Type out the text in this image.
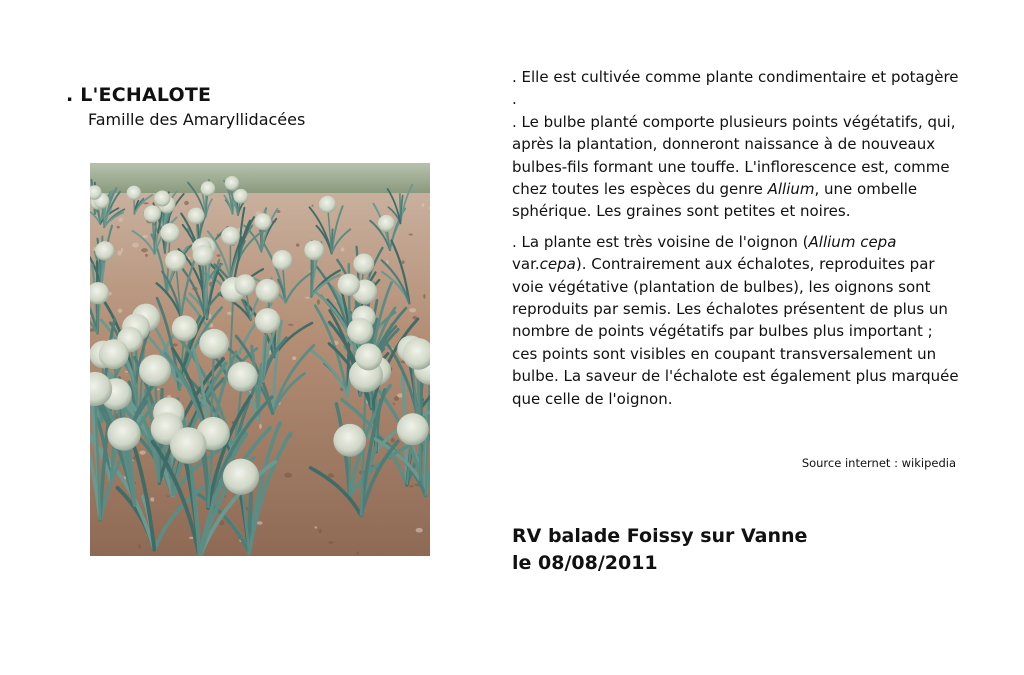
. L'ECHALOTE
Famille des Amaryllidacées

. Elle est cultivée comme plante condimentaire et potagère .

. Le bulbe planté comporte plusieurs points végétatifs, qui, après la plantation, donneront naissance à de nouveaux bulbes-fils formant une touffe. L'inflorescence est, comme chez toutes les espèces du genre Allium, une ombelle sphérique. Les graines sont petites et noires.

. La plante est très voisine de l'oignon (Allium cepa var.cepa). Contrairement aux échalotes, reproduites par voie végétative (plantation de bulbes), les oignons sont reproduits par semis. Les échalotes présentent de plus un nombre de points végétatifs par bulbes plus important ; ces points sont visibles en coupant transversalement un bulbe. La saveur de l'échalote est également plus marquée que celle de l'oignon.

Source internet : wikipedia
RV balade Foissy sur Vanne
le 08/08/2011
